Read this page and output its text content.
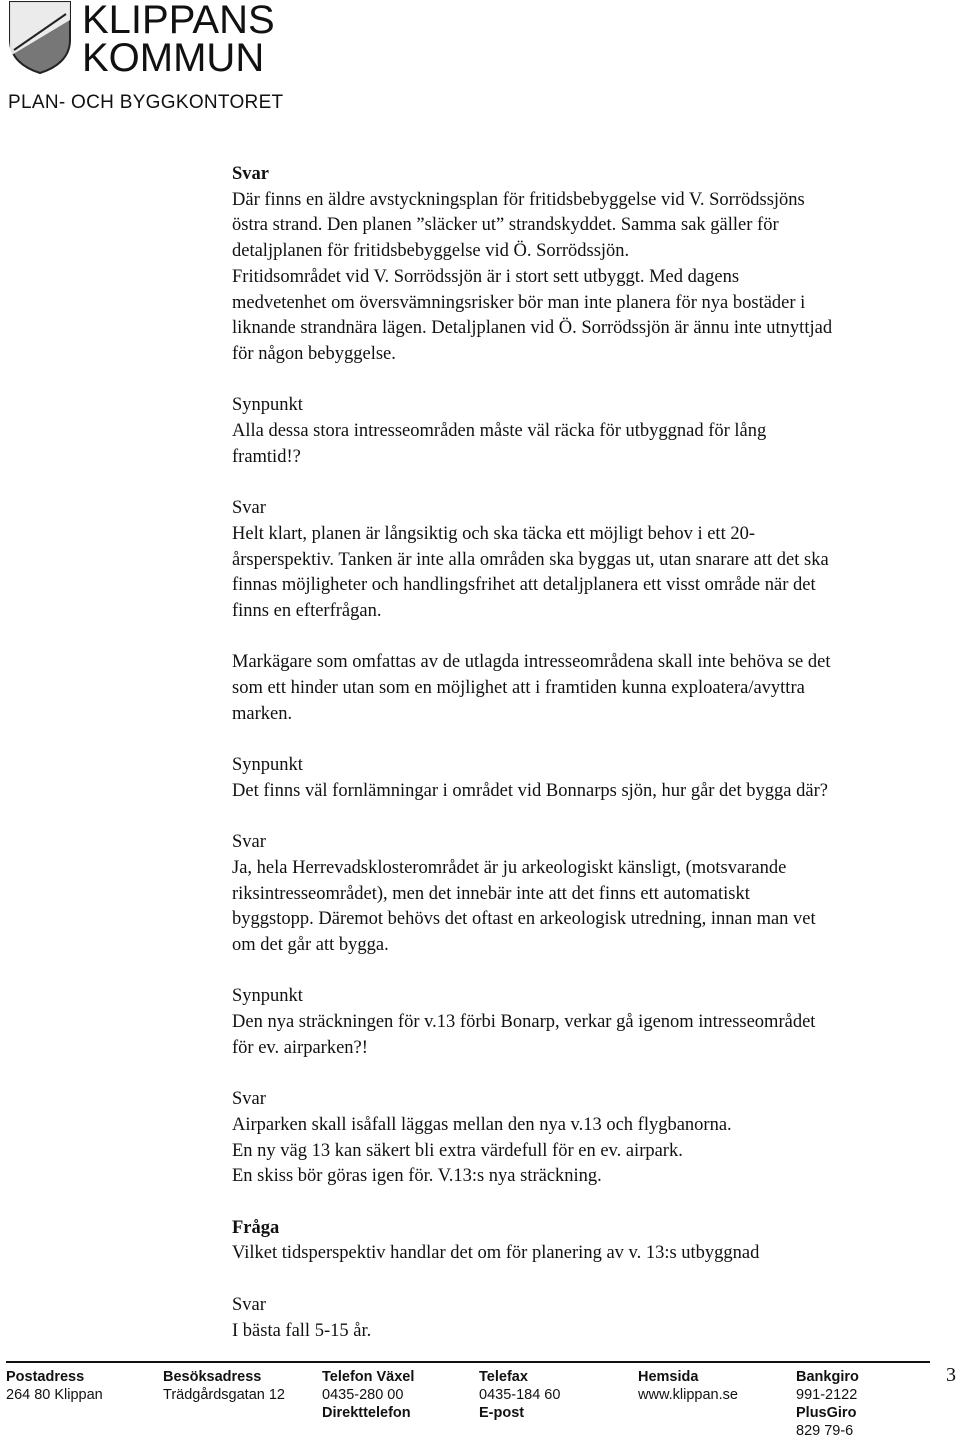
KLIPPANS
KOMMUN
PLAN- OCH BYGGKONTORET
Svar
Där finns en äldre avstyckningsplan för fritidsbebyggelse vid V. Sorrödssjöns
östra strand. Den planen ”släcker ut” strandskyddet. Samma sak gäller för
detaljplanen för fritidsbebyggelse vid Ö. Sorrödssjön.
Fritidsområdet vid V. Sorrödssjön är i stort sett utbyggt. Med dagens
medvetenhet om översvämningsrisker bör man inte planera för nya bostäder i
liknande strandnära lägen. Detaljplanen vid Ö. Sorrödssjön är ännu inte utnyttjad
för någon bebyggelse.
Synpunkt
Alla dessa stora intresseområden måste väl räcka för utbyggnad för lång
framtid!?
Svar
Helt klart, planen är långsiktig och ska täcka ett möjligt behov i ett 20-
årsperspektiv. Tanken är inte alla områden ska byggas ut, utan snarare att det ska
finnas möjligheter och handlingsfrihet att detaljplanera ett visst område när det
finns en efterfrågan.
Markägare som omfattas av de utlagda intresseområdena skall inte behöva se det
som ett hinder utan som en möjlighet att i framtiden kunna exploatera/avyttra
marken.
Synpunkt
Det finns väl fornlämningar i området vid Bonnarps sjön, hur går det bygga där?
Svar
Ja, hela Herrevadsklosterområdet är ju arkeologiskt känsligt, (motsvarande
riksintresseområdet), men det innebär inte att det finns ett automatiskt
byggstopp. Däremot behövs det oftast en arkeologisk utredning, innan man vet
om det går att bygga.
Synpunkt
Den nya sträckningen för v.13 förbi Bonarp, verkar gå igenom intresseområdet
för ev. airparken?!
Svar
Airparken skall isåfall läggas mellan den nya v.13 och flygbanorna.
En ny väg 13 kan säkert bli extra värdefull för en ev. airpark.
En skiss bör göras igen för. V.13:s nya sträckning.
Fråga
Vilket tidsperspektiv handlar det om för planering av v. 13:s utbyggnad
Svar
I bästa fall 5-15 år.
Postadress
264 80 Klippan
Besöksadress
Trädgårdsgatan 12
Telefon Växel
0435-280 00
Direkttelefon
Telefax
0435-184 60
E-post
Hemsida
www.klippan.se
Bankgiro
991-2122
PlusGiro
829 79-6
3
